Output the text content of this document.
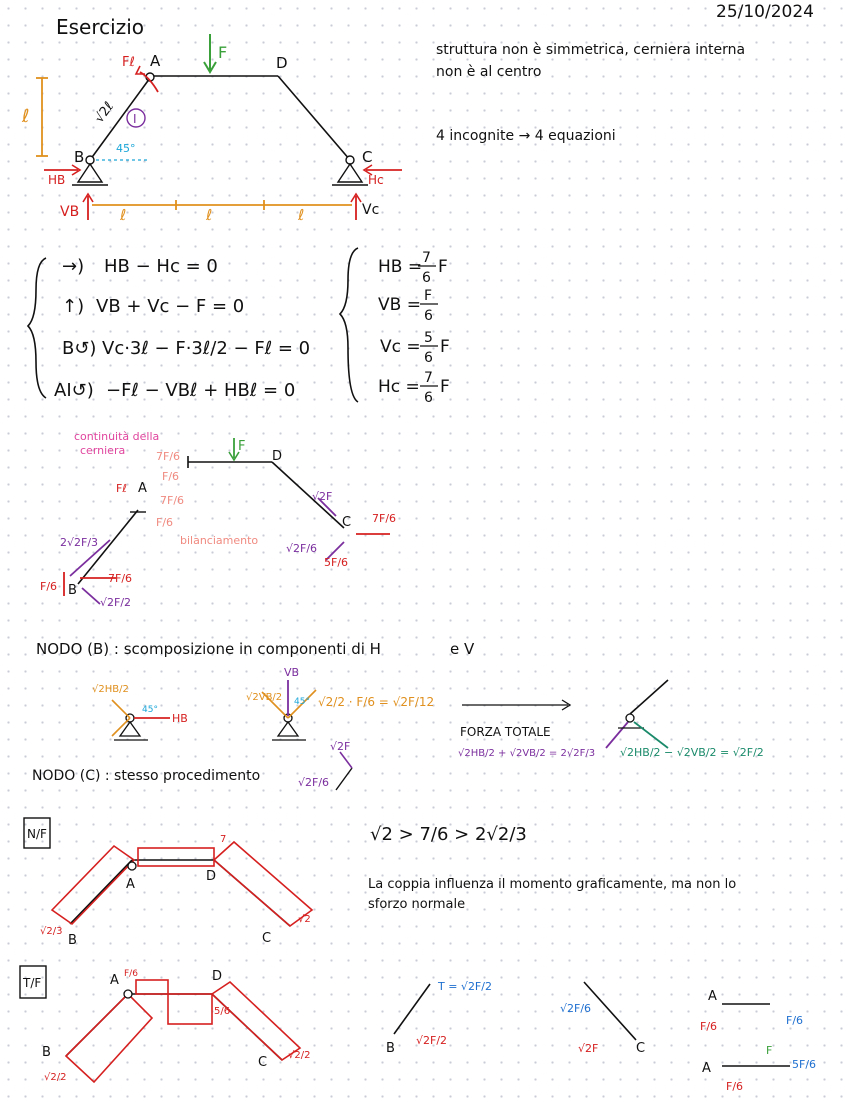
Esercizio
25/10/2024
A
B	C
D
F
Fℓ
ℓ	√2ℓ I
45°
HB	Hc
VB	Vc
ℓ	ℓ	ℓ
struttura non è simmetrica, cerniera interna
non è al centro
4 incognite → 4 equazioni
→) HB − Hc = 0
↑) VB + Vc − F = 0
B↺) Vc·3ℓ − F·3ℓ/2 − Fℓ = 0
AI↺) −Fℓ − VBℓ + HBℓ = 0
HB = 7
6
F
VB = F
6
Vc = 5
6
F
Hc = 7
6
F
continuità della
cerniera	D
F
7F/6
F/6
7F/6
F/6
bilanciamento
A
Fℓ
B
C
2√2F/3
7F/6
F/6
√2F/2
√2F
7F/6
√2F/6
5F/6
NODO (B) : scomposizione in componenti di H	e V
HB
√2HB/2
45°
VB
45°
√2VB/2	√2/2 · F/6 = √2F/12
FORZA TOTALE
√2HB/2 + √2VB/2 = 2√2F/3 √2HB/2 − √2VB/2 = √2F/2
NODO (C) : stesso procedimento	√2F/6
√2F
N/F
A
D
B	C
√2/3
√2
7	√2 > 7/6 > 2√2/3
La coppia influenza il momento graficamente, ma non lo
sforzo normale
T/F	A	D
B
C
√2/2
√2/2
5/6
F/6
T = √2F/2
B
√2F/2
√2F/6
√2F	C
A
F/6	F/6
A
F/6
F
5F/6
